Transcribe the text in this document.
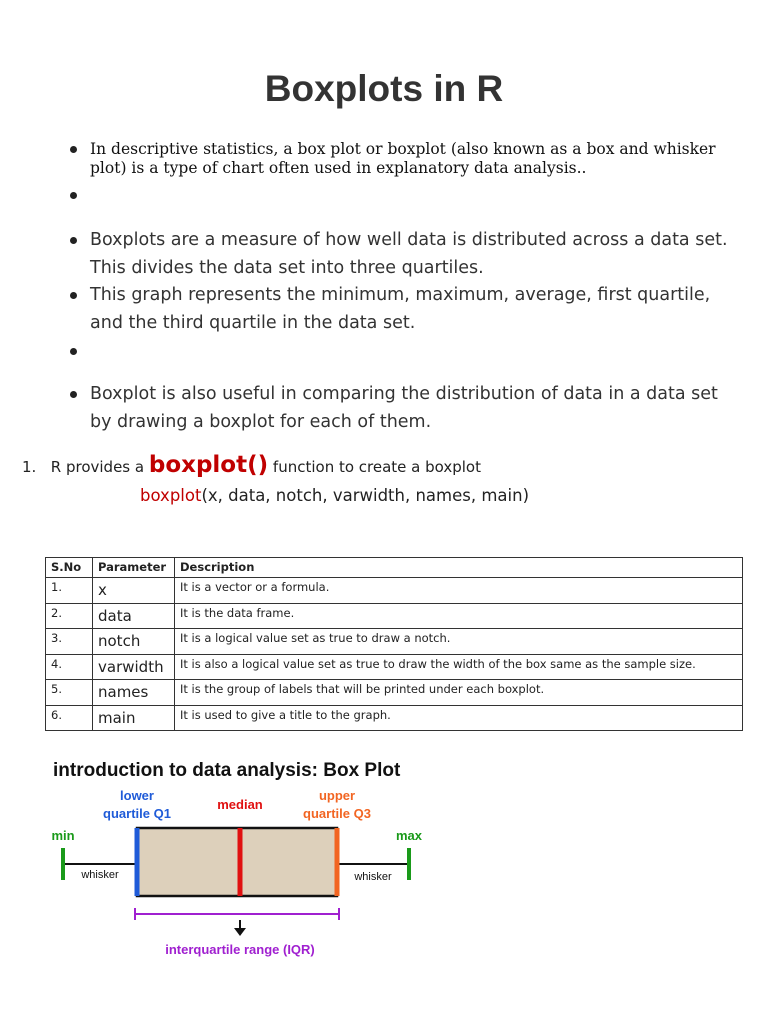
Boxplots in R
In descriptive statistics, a box plot or boxplot (also known as a box and whisker plot) is a type of chart often used in explanatory data analysis..
Boxplots are a measure of how well data is distributed across a data set. This divides the data set into three quartiles.
This graph represents the minimum, maximum, average, first quartile, and the third quartile in the data set.
Boxplot is also useful in comparing the distribution of data in a data set by drawing a boxplot for each of them.
1. R provides a boxplot() function to create a boxplot
boxplot(x, data, notch, varwidth, names, main)
S.No	Parameter	Description
1.	x	It is a vector or a formula.
2.	data	It is the data frame.
3.	notch	It is a logical value set as true to draw a notch.
4.	varwidth	It is also a logical value set as true to draw the width of the box same as the sample size.
5.	names	It is the group of labels that will be printed under each boxplot.
6.	main	It is used to give a title to the graph.
introduction to data analysis: Box Plot
lower
quartile Q1
median
upper
quartile Q3
min	max
whisker	whisker
interquartile range (IQR)
